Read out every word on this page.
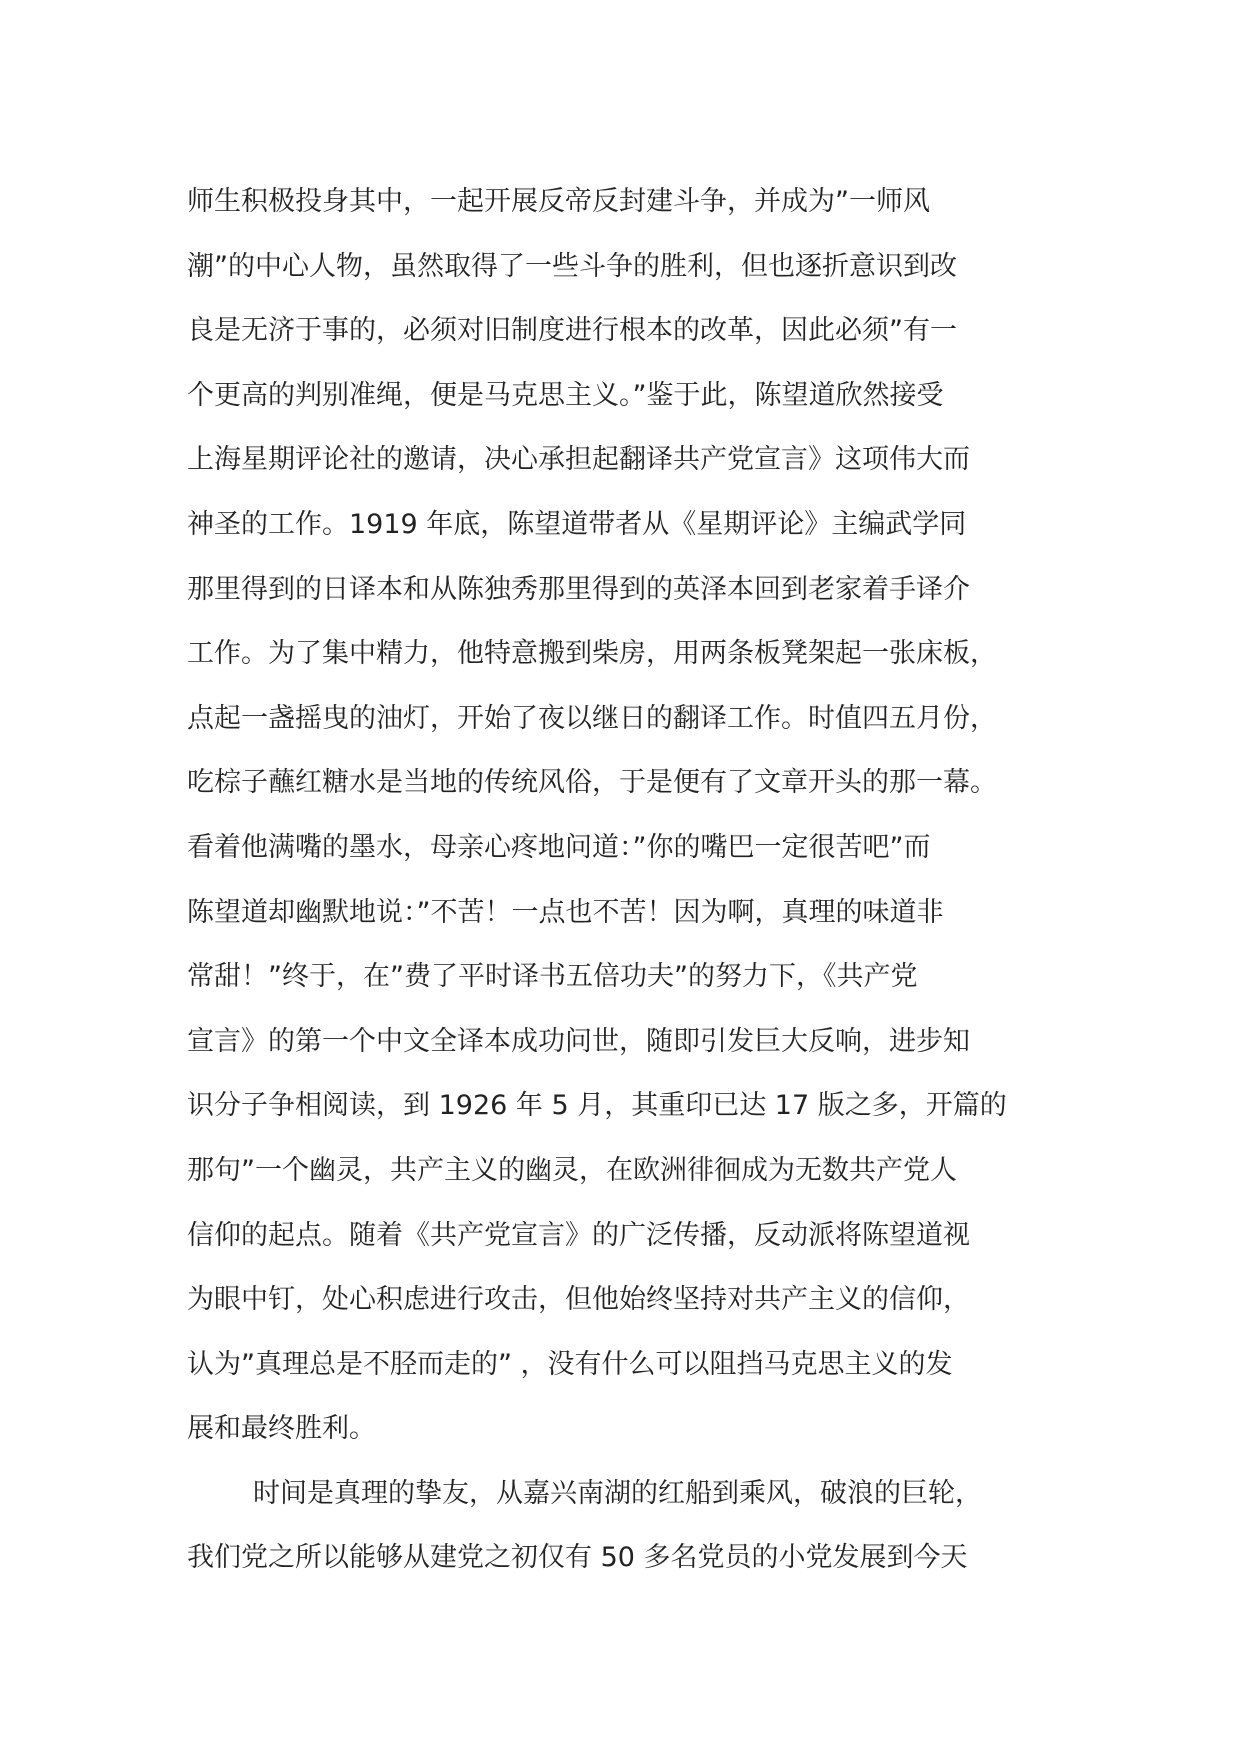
师生积极投身其中，一起开展反帝反封建斗争，并成为”一师风
潮”的中心人物，虽然取得了一些斗争的胜利，但也逐折意识到改
良是无济于事的，必须对旧制度进行根本的改革，因此必须”有一
个更高的判别准绳，便是马克思主义。”鉴于此，陈望道欣然接受
上海星期评论社的邀请，决心承担起翻译共产党宣言》这项伟大而
神圣的工作。1919 年底，陈望道带者从《星期评论》主编武学同
那里得到的日译本和从陈独秀那里得到的英泽本回到老家着手译介
工作。为了集中精力，他特意搬到柴房，用两条板凳架起一张床板，
点起一盏摇曳的油灯，开始了夜以继日的翻译工作。时值四五月份，
吃棕子蘸红糖水是当地的传统风俗，于是便有了文章开头的那一幕。
看着他满嘴的墨水，母亲心疼地问道：”你的嘴巴一定很苦吧”而
陈望道却幽默地说：”不苦！一点也不苦！因为啊，真理的味道非
常甜！”终于，在”费了平时译书五倍功夫”的努力下，《共产党
宣言》的第一个中文全译本成功问世，随即引发巨大反响，进步知
识分子争相阅读，到 1926 年 5 月，其重印已达 17 版之多，开篇的
那句”一个幽灵，共产主义的幽灵，在欧洲徘徊成为无数共产党人
信仰的起点。随着《共产党宣言》的广泛传播，反动派将陈望道视
为眼中钉，处心积虑进行攻击，但他始终坚持对共产主义的信仰，
认为”真理总是不胫而走的” ，没有什么可以阻挡马克思主义的发
展和最终胜利。
时间是真理的挚友，从嘉兴南湖的红船到乘风，破浪的巨轮，
我们党之所以能够从建党之初仅有 50 多名党员的小党发展到今天
